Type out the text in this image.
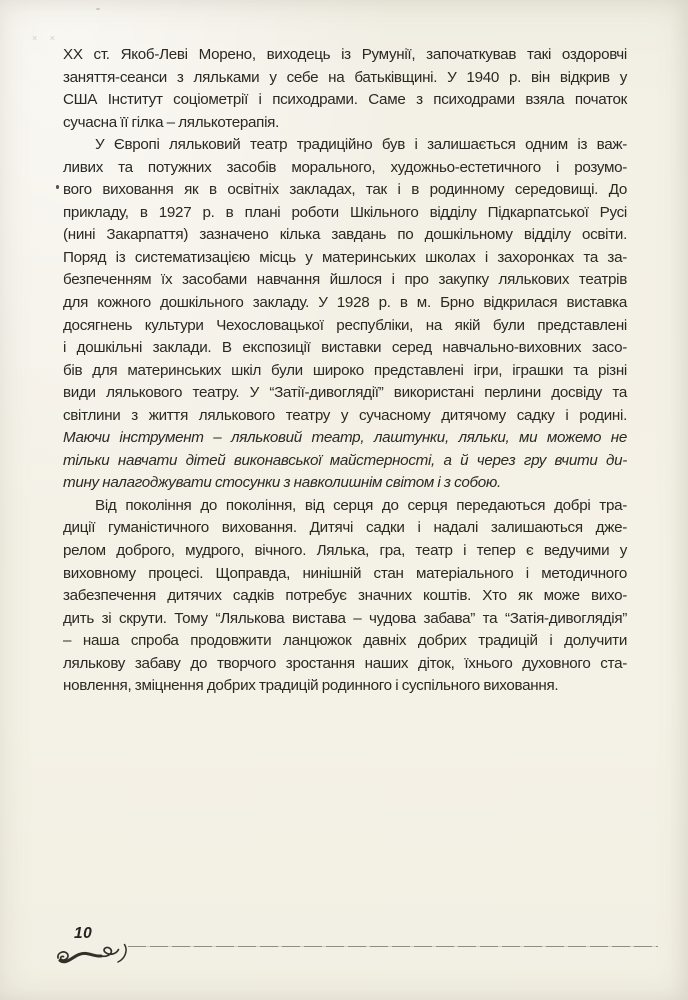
× ×
XX ст. Якоб-Леві Морено, виходець із Румунії, започаткував такі оздоровчі
заняття-сеанси з ляльками у себе на батьківщині. У 1940 р. він відкрив у
США Інститут соціометрії і психодрами. Саме з психодрами взяла початок
сучасна її гілка – лялькотерапія.
У Європі ляльковий театр традиційно був і залишається одним із важ-
ливих та потужних засобів морального, художньо-естетичного і розумо-
вого виховання як в освітніх закладах, так і в родинному середовищі. До
прикладу, в 1927 р. в плані роботи Шкільного відділу Підкарпатської Русі
(нині Закарпаття) зазначено кілька завдань по дошкільному відділу освіти.
Поряд із систематизацією місць у материнських школах і захоронках та за-
безпеченням їх засобами навчання йшлося і про закупку лялькових театрів
для кожного дошкільного закладу. У 1928 р. в м. Брно відкрилася виставка
досягнень культури Чехословацької республіки, на якій були представлені
і дошкільні заклади. В експозиції виставки серед навчально-виховних засо-
бів для материнських шкіл були широко представлені ігри, іграшки та різні
види лялькового театру. У “Затії-дивоглядії” використані перлини досвіду та
світлини з життя лялькового театру у сучасному дитячому садку і родині.
Маючи інструмент – ляльковий театр, лаштунки, ляльки, ми можемо не
тільки навчати дітей виконавської майстерності, а й через гру вчити ди-
тину налагоджувати стосунки з навколишнім світом і з собою.
Від покоління до покоління, від серця до серця передаються добрі тра-
диції гуманістичного виховання. Дитячі садки і надалі залишаються дже-
релом доброго, мудрого, вічного. Лялька, гра, театр і тепер є ведучими у
виховному процесі. Щоправда, нинішній стан матеріального і методичного
забезпечення дитячих садків потребує значних коштів. Хто як може вихо-
дить зі скрути. Тому “Лялькова вистава – чудова забава” та “Затія-дивоглядія”
– наша спроба продовжити ланцюжок давніх добрих традицій і долучити
лялькову забаву до творчого зростання наших діток, їхнього духовного ста-
новлення, зміцнення добрих традицій родинного і суспільного виховання.
10
